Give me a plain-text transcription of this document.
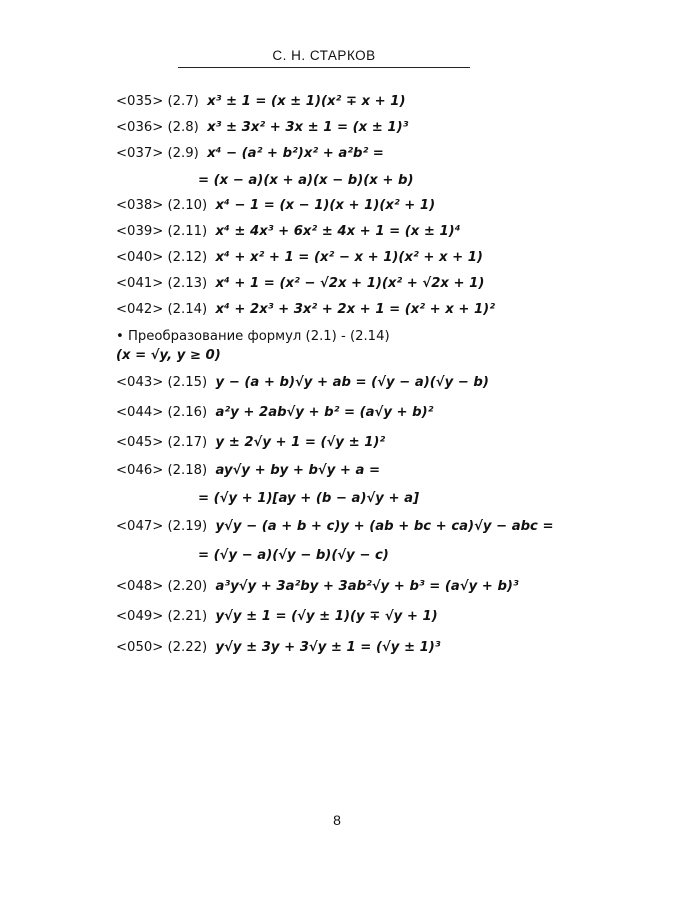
С. Н. СТАРКОВ
<035> (2.7) x³ ± 1 = (x ± 1)(x² ∓ x + 1)
<036> (2.8) x³ ± 3x² + 3x ± 1 = (x ± 1)³
<037> (2.9) x⁴ − (a² + b²)x² + a²b² =
= (x − a)(x + a)(x − b)(x + b)
<038> (2.10) x⁴ − 1 = (x − 1)(x + 1)(x² + 1)
<039> (2.11) x⁴ ± 4x³ + 6x² ± 4x + 1 = (x ± 1)⁴
<040> (2.12) x⁴ + x² + 1 = (x² − x + 1)(x² + x + 1)
<041> (2.13) x⁴ + 1 = (x² − √2x + 1)(x² + √2x + 1)
<042> (2.14) x⁴ + 2x³ + 3x² + 2x + 1 = (x² + x + 1)²
• Преобразование формул (2.1) - (2.14)
(x = √y, y ≥ 0)
<043> (2.15) y − (a + b)√y + ab = (√y − a)(√y − b)
<044> (2.16) a²y + 2ab√y + b² = (a√y + b)²
<045> (2.17) y ± 2√y + 1 = (√y ± 1)²
<046> (2.18) ay√y + by + b√y + a =
= (√y + 1)[ay + (b − a)√y + a]
<047> (2.19) y√y − (a + b + c)y + (ab + bc + ca)√y − abc =
= (√y − a)(√y − b)(√y − c)
<048> (2.20) a³y√y + 3a²by + 3ab²√y + b³ = (a√y + b)³
<049> (2.21) y√y ± 1 = (√y ± 1)(y ∓ √y + 1)
<050> (2.22) y√y ± 3y + 3√y ± 1 = (√y ± 1)³
8
